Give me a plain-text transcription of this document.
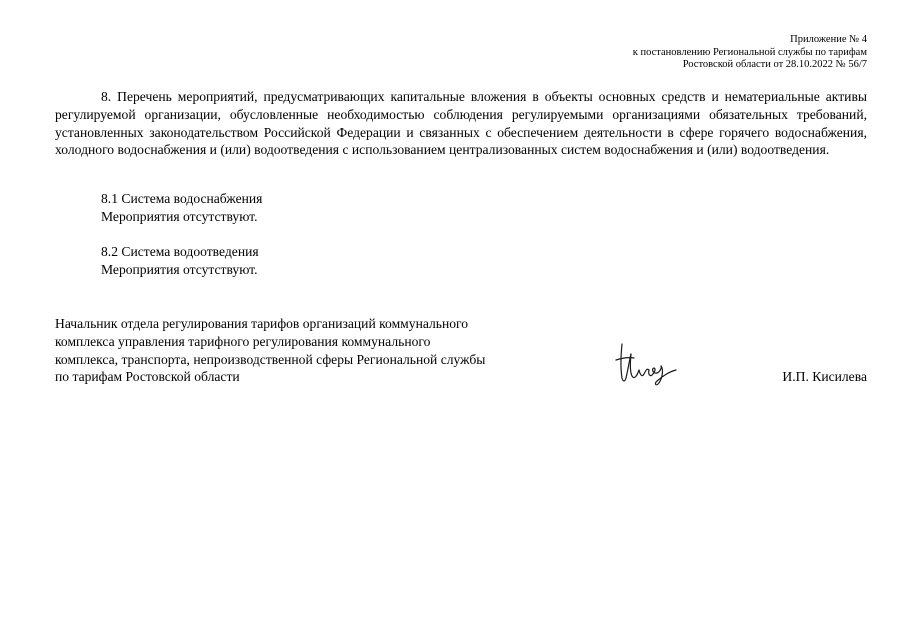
Приложение № 4
к постановлению Региональной службы по тарифам
Ростовской области от 28.10.2022 № 56/7
8. Перечень мероприятий, предусматривающих капитальные вложения в объекты основных средств и нематериальные активы регулируемой организации, обусловленные необходимостью соблюдения регулируемыми организациями обязательных требований, установленных законодательством Российской Федерации и связанных с обеспечением деятельности в сфере горячего водоснабжения, холодного водоснабжения и (или) водоотведения с использованием централизованных систем водоснабжения и (или) водоотведения.
8.1 Система водоснабжения
Мероприятия отсутствуют.
8.2 Система водоотведения
Мероприятия отсутствуют.
Начальник отдела регулирования тарифов организаций коммунального
комплекса управления тарифного регулирования коммунального
комплекса, транспорта, непроизводственной сферы Региональной службы
по тарифам Ростовской области	И.П. Кисилева
